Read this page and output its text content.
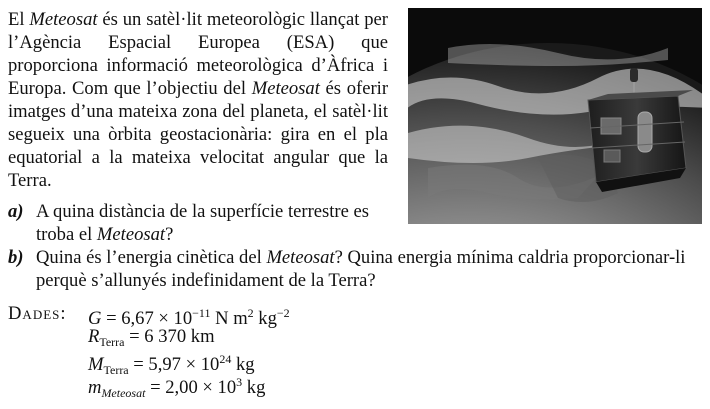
El Meteosat és un satèl·lit meteorològic llançat per l’Agència Espacial Europea (ESA) que proporciona informació meteorològica d’Àfrica i Europa. Com que l’objectiu del Meteosat és oferir imatges d’una mateixa zona del planeta, el satèl·lit segueix una òrbita geostacionària: gira en el pla equatorial a la mateixa velocitat angular que la Terra.

a) A quina distància de la superfície terrestre es troba el Meteosat?
b) Quina és l’energia cinètica del Meteosat? Quina energia mínima caldria proporcionar-li perquè s’allunyés indefinidament de la Terra?
Dades: $G = 6,67 \times 10^{-11}$ N $m^2$ $kg^{-2}$
$R_{Terra} = 6$ 370 km
$M_{Terra} = 5,97 \times 10^{24}$ kg
$m_{Meteosat} = 2,00 \times 10^3$ kg
